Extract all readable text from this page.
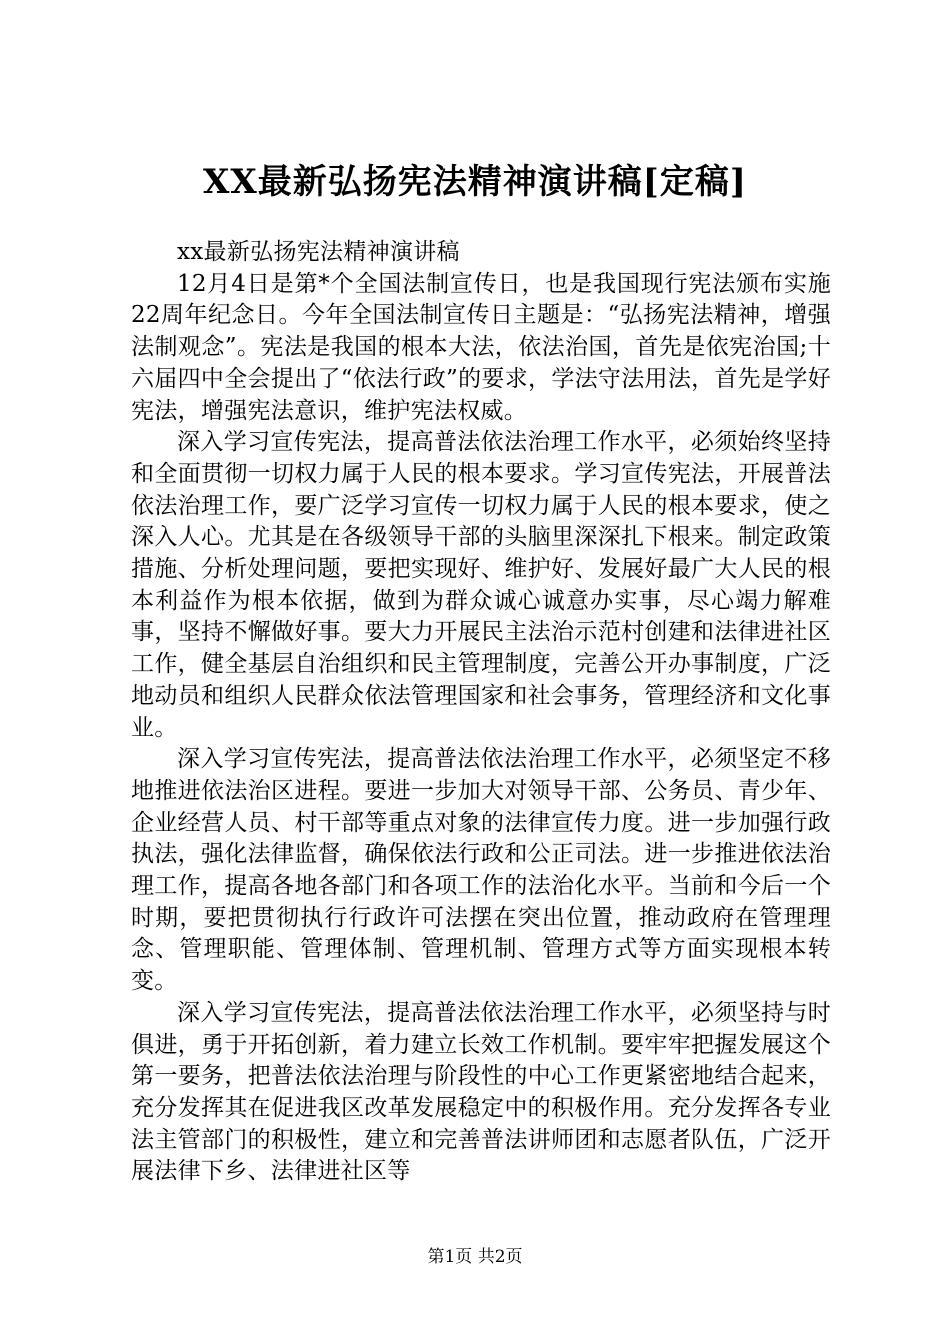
XX最新弘扬宪法精神演讲稿[定稿]

xx最新弘扬宪法精神演讲稿

12月4日是第*个全国法制宣传日，也是我国现行宪法颁布实施22周年纪念日。今年全国法制宣传日主题是：“弘扬宪法精神，增强法制观念”。宪法是我国的根本大法，依法治国，首先是依宪治国;十六届四中全会提出了“依法行政”的要求，学法守法用法，首先是学好宪法，增强宪法意识，维护宪法权威。

深入学习宣传宪法，提高普法依法治理工作水平，必须始终坚持和全面贯彻一切权力属于人民的根本要求。学习宣传宪法，开展普法依法治理工作，要广泛学习宣传一切权力属于人民的根本要求，使之深入人心。尤其是在各级领导干部的头脑里深深扎下根来。制定政策措施、分析处理问题，要把实现好、维护好、发展好最广大人民的根本利益作为根本依据，做到为群众诚心诚意办实事，尽心竭力解难事，坚持不懈做好事。要大力开展民主法治示范村创建和法律进社区工作，健全基层自治组织和民主管理制度，完善公开办事制度，广泛地动员和组织人民群众依法管理国家和社会事务，管理经济和文化事业。

深入学习宣传宪法，提高普法依法治理工作水平，必须坚定不移地推进依法治区进程。要进一步加大对领导干部、公务员、青少年、企业经营人员、村干部等重点对象的法律宣传力度。进一步加强行政执法，强化法律监督，确保依法行政和公正司法。进一步推进依法治理工作，提高各地各部门和各项工作的法治化水平。当前和今后一个时期，要把贯彻执行行政许可法摆在突出位置，推动政府在管理理念、管理职能、管理体制、管理机制、管理方式等方面实现根本转变。

深入学习宣传宪法，提高普法依法治理工作水平，必须坚持与时俱进，勇于开拓创新，着力建立长效工作机制。要牢牢把握发展这个第一要务，把普法依法治理与阶段性的中心工作更紧密地结合起来，充分发挥其在促进我区改革发展稳定中的积极作用。充分发挥各专业法主管部门的积极性，建立和完善普法讲师团和志愿者队伍，广泛开展法律下乡、法律进社区等

第1页 共2页
